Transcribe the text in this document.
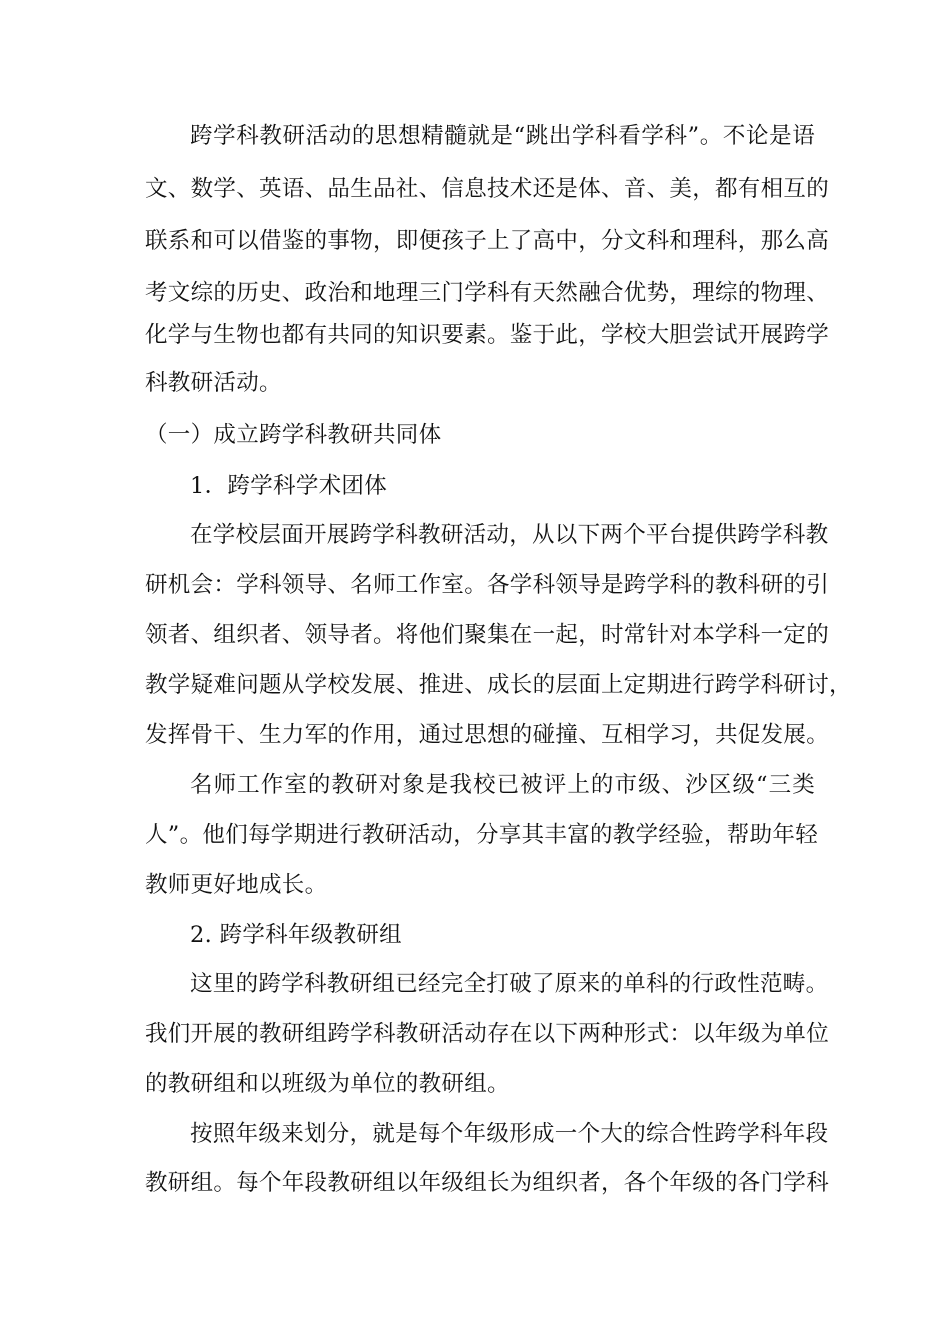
跨学科教研活动的思想精髓就是“跳出学科看学科”。不论是语
文、数学、英语、品生品社、信息技术还是体、音、美，都有相互的
联系和可以借鉴的事物，即便孩子上了高中，分文科和理科，那么高
考文综的历史、政治和地理三门学科有天然融合优势，理综的物理、
化学与生物也都有共同的知识要素。鉴于此，学校大胆尝试开展跨学
科教研活动。
（一）成立跨学科教研共同体
1．跨学科学术团体
在学校层面开展跨学科教研活动，从以下两个平台提供跨学科教
研机会：学科领导、名师工作室。各学科领导是跨学科的教科研的引
领者、组织者、领导者。将他们聚集在一起，时常针对本学科一定的
教学疑难问题从学校发展、推进、成长的层面上定期进行跨学科研讨，
发挥骨干、生力军的作用，通过思想的碰撞、互相学习，共促发展。
名师工作室的教研对象是我校已被评上的市级、沙区级“三类
人”。他们每学期进行教研活动，分享其丰富的教学经验，帮助年轻
教师更好地成长。
2. 跨学科年级教研组
这里的跨学科教研组已经完全打破了原来的单科的行政性范畴。
我们开展的教研组跨学科教研活动存在以下两种形式：以年级为单位
的教研组和以班级为单位的教研组。
按照年级来划分，就是每个年级形成一个大的综合性跨学科年段
教研组。每个年段教研组以年级组长为组织者，各个年级的各门学科
